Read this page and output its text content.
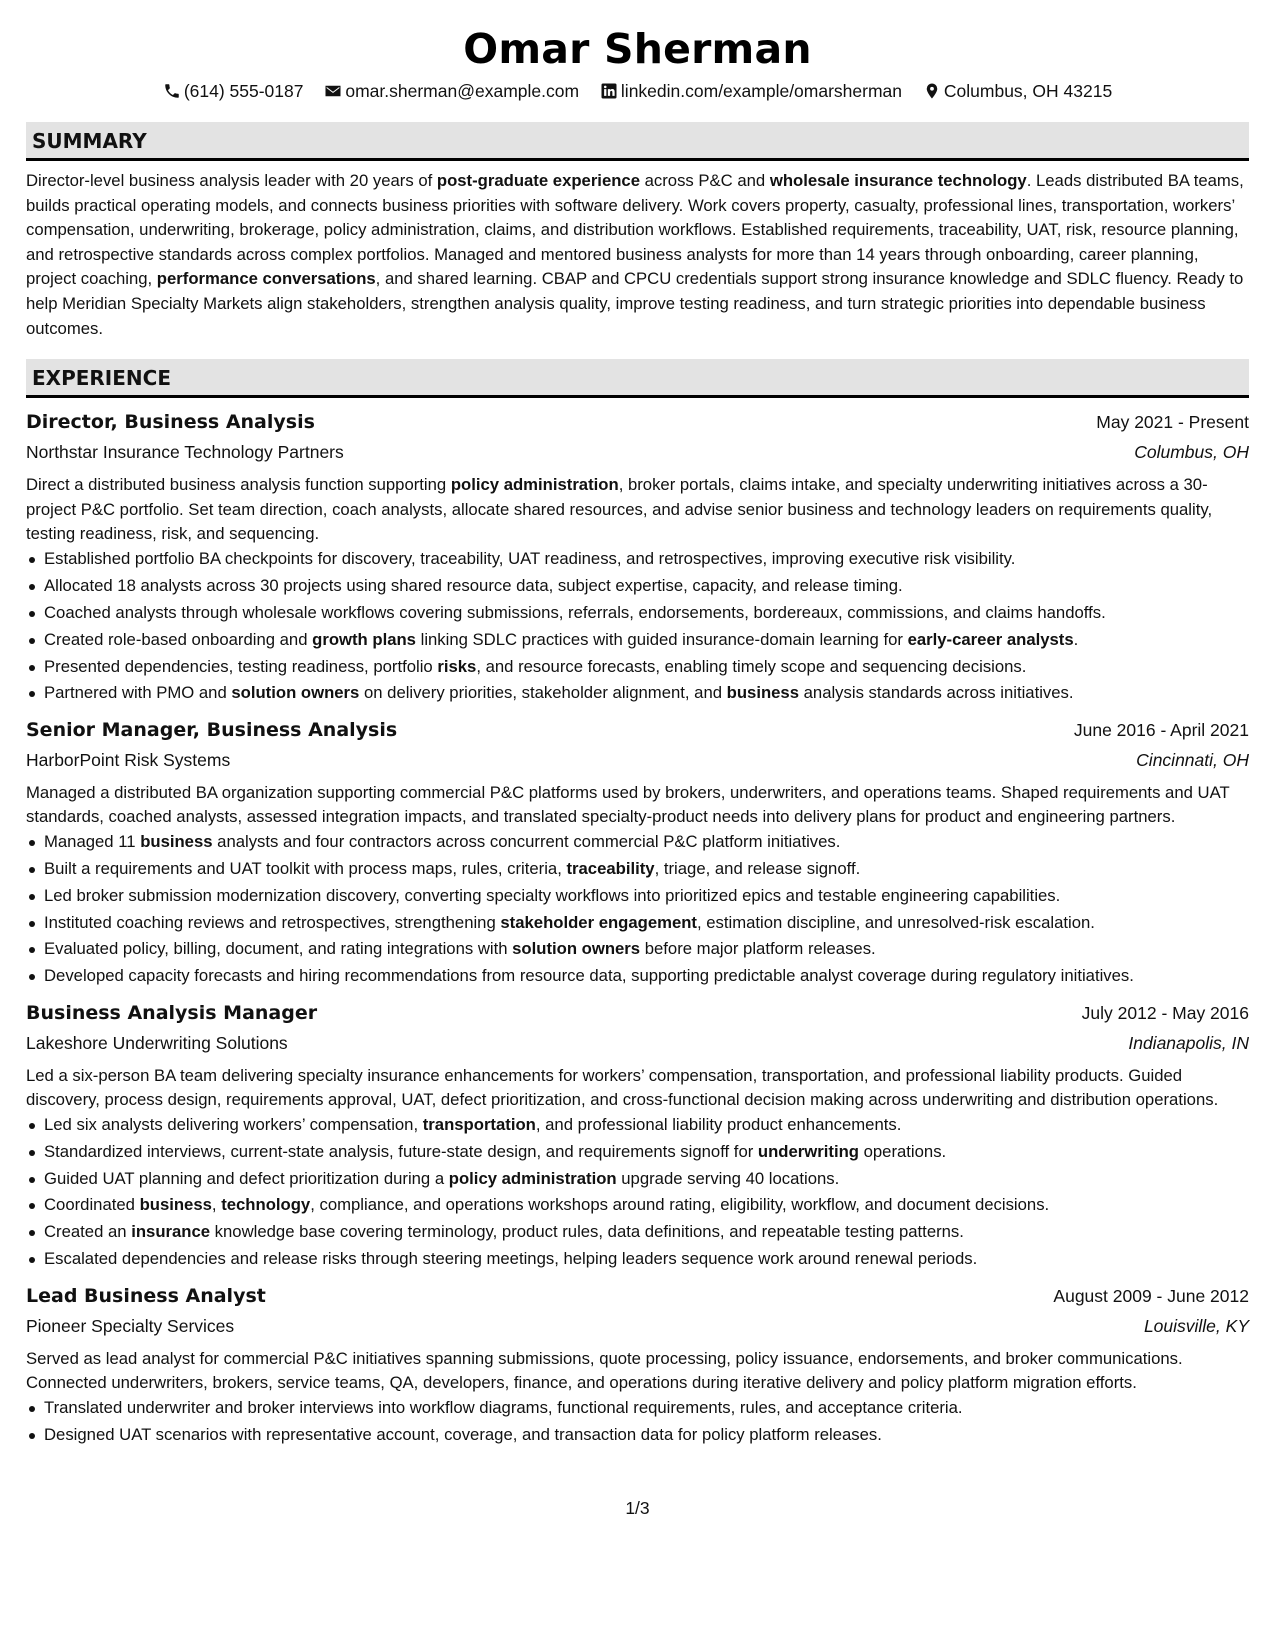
Omar Sherman
(614) 555-0187 omar.sherman@example.com linkedin.com/example/omarsherman Columbus, OH 43215
SUMMARY

Director-level business analysis leader with 20 years of post-graduate experience across P&C and wholesale insurance technology. Leads distributed BA teams, builds practical operating models, and connects business priorities with software delivery. Work covers property, casualty, professional lines, transportation, workers’ compensation, underwriting, brokerage, policy administration, claims, and distribution workflows. Established requirements, traceability, UAT, risk, resource planning, and retrospective standards across complex portfolios. Managed and mentored business analysts for more than 14 years through onboarding, career planning, project coaching, performance conversations, and shared learning. CBAP and CPCU credentials support strong insurance knowledge and SDLC fluency. Ready to help Meridian Specialty Markets align stakeholders, strengthen analysis quality, improve testing readiness, and turn strategic priorities into dependable business outcomes.

EXPERIENCE
Director, Business Analysis	May 2021 - Present
Northstar Insurance Technology Partners	Columbus, OH

Direct a distributed business analysis function supporting policy administration, broker portals, claims intake, and specialty underwriting initiatives across a 30-project P&C portfolio. Set team direction, coach analysts, allocate shared resources, and advise senior business and technology leaders on requirements quality, testing readiness, risk, and sequencing.

Established portfolio BA checkpoints for discovery, traceability, UAT readiness, and retrospectives, improving executive risk visibility.
Allocated 18 analysts across 30 projects using shared resource data, subject expertise, capacity, and release timing.
Coached analysts through wholesale workflows covering submissions, referrals, endorsements, bordereaux, commissions, and claims handoffs.
Created role-based onboarding and growth plans linking SDLC practices with guided insurance-domain learning for early-career analysts.
Presented dependencies, testing readiness, portfolio risks, and resource forecasts, enabling timely scope and sequencing decisions.
Partnered with PMO and solution owners on delivery priorities, stakeholder alignment, and business analysis standards across initiatives.
Senior Manager, Business Analysis	June 2016 - April 2021
HarborPoint Risk Systems	Cincinnati, OH

Managed a distributed BA organization supporting commercial P&C platforms used by brokers, underwriters, and operations teams. Shaped requirements and UAT standards, coached analysts, assessed integration impacts, and translated specialty-product needs into delivery plans for product and engineering partners.

Managed 11 business analysts and four contractors across concurrent commercial P&C platform initiatives.
Built a requirements and UAT toolkit with process maps, rules, criteria, traceability, triage, and release signoff.
Led broker submission modernization discovery, converting specialty workflows into prioritized epics and testable engineering capabilities.
Instituted coaching reviews and retrospectives, strengthening stakeholder engagement, estimation discipline, and unresolved-risk escalation.
Evaluated policy, billing, document, and rating integrations with solution owners before major platform releases.
Developed capacity forecasts and hiring recommendations from resource data, supporting predictable analyst coverage during regulatory initiatives.
Business Analysis Manager	July 2012 - May 2016
Lakeshore Underwriting Solutions	Indianapolis, IN

Led a six-person BA team delivering specialty insurance enhancements for workers’ compensation, transportation, and professional liability products. Guided discovery, process design, requirements approval, UAT, defect prioritization, and cross-functional decision making across underwriting and distribution operations.

Led six analysts delivering workers’ compensation, transportation, and professional liability product enhancements.
Standardized interviews, current-state analysis, future-state design, and requirements signoff for underwriting operations.
Guided UAT planning and defect prioritization during a policy administration upgrade serving 40 locations.
Coordinated business, technology, compliance, and operations workshops around rating, eligibility, workflow, and document decisions.
Created an insurance knowledge base covering terminology, product rules, data definitions, and repeatable testing patterns.
Escalated dependencies and release risks through steering meetings, helping leaders sequence work around renewal periods.
Lead Business Analyst	August 2009 - June 2012
Pioneer Specialty Services	Louisville, KY

Served as lead analyst for commercial P&C initiatives spanning submissions, quote processing, policy issuance, endorsements, and broker communications. Connected underwriters, brokers, service teams, QA, developers, finance, and operations during iterative delivery and policy platform migration efforts.

Translated underwriter and broker interviews into workflow diagrams, functional requirements, rules, and acceptance criteria.
Designed UAT scenarios with representative account, coverage, and transaction data for policy platform releases.
1/3
